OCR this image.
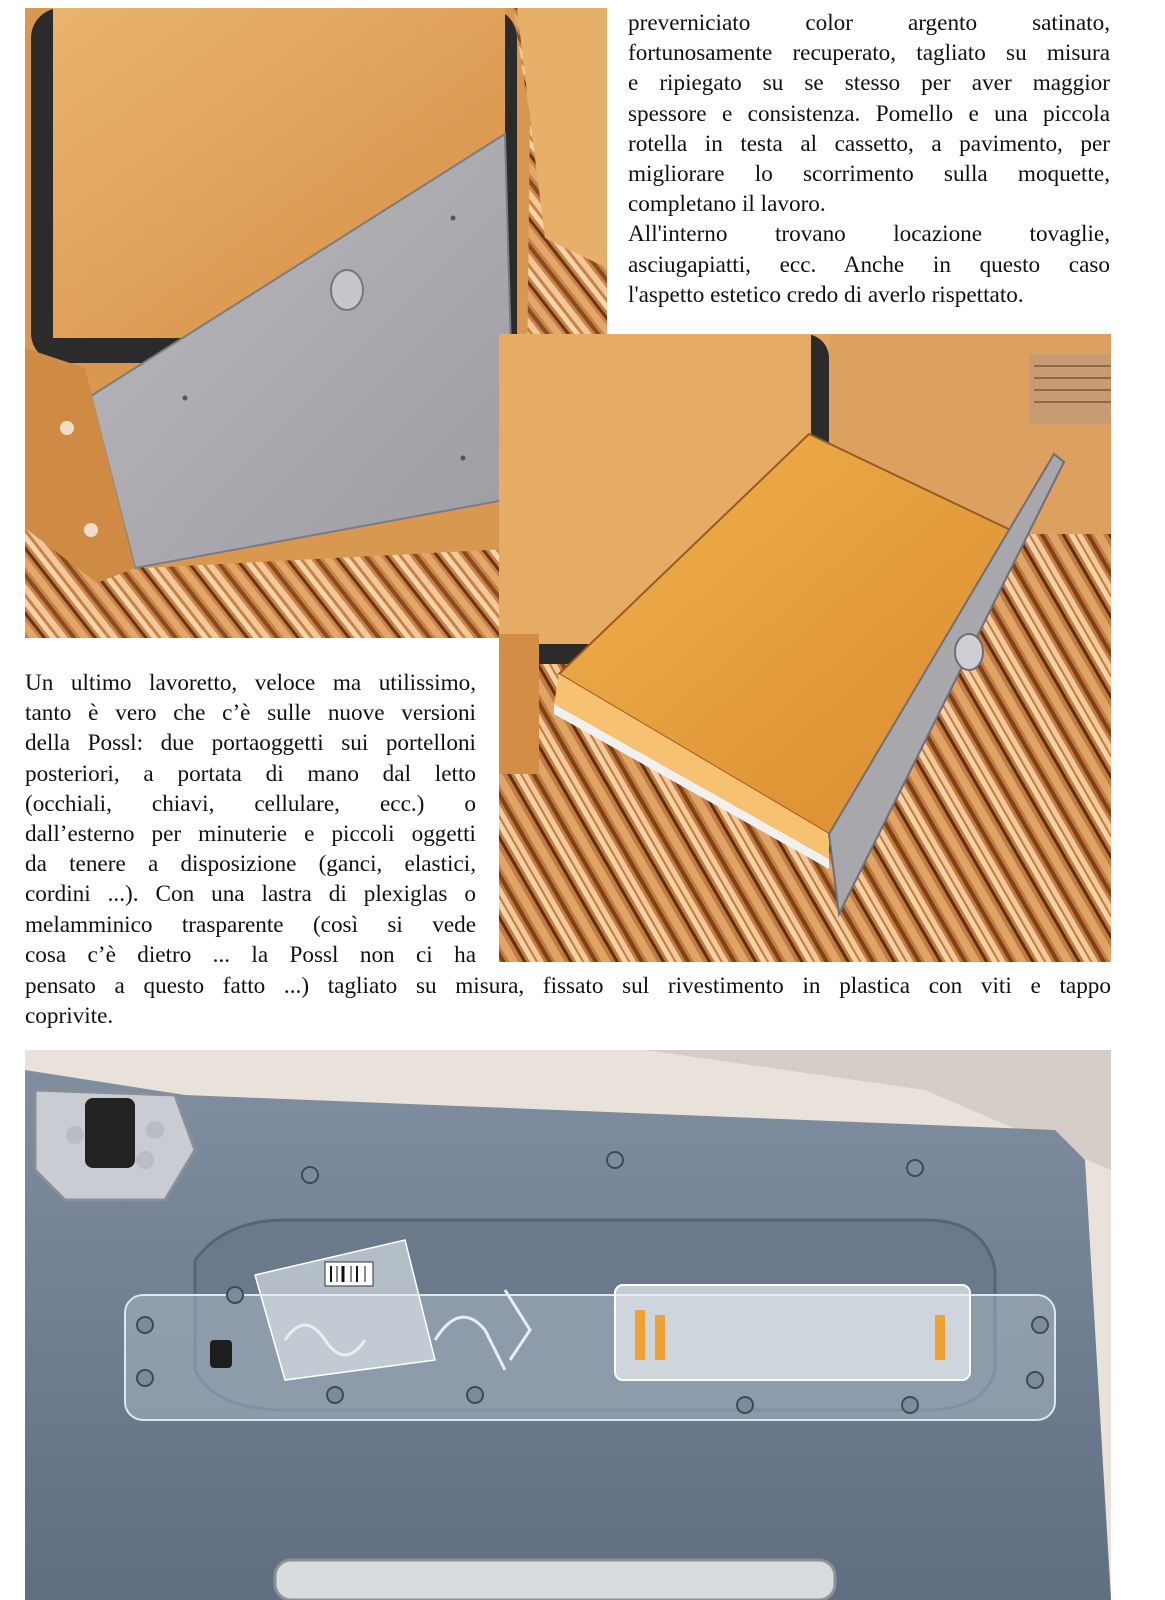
preverniciato color argento satinato,

fortunosamente recuperato, tagliato su misura

e ripiegato su se stesso per aver maggior

spessore e consistenza. Pomello e una piccola

rotella in testa al cassetto, a pavimento, per

migliorare lo scorrimento sulla moquette,

completano il lavoro.

All'interno trovano locazione tovaglie,

asciugapiatti, ecc. Anche in questo caso

l'aspetto estetico credo di averlo rispettato.

Un ultimo lavoretto, veloce ma utilissimo,

tanto è vero che c’è sulle nuove versioni

della Possl: due portaoggetti sui portelloni

posteriori, a portata di mano dal letto

(occhiali, chiavi, cellulare, ecc.) o

dall’esterno per minuterie e piccoli oggetti

da tenere a disposizione (ganci, elastici,

cordini ...). Con una lastra di plexiglas o

melamminico trasparente (così si vede

cosa c’è dietro ... la Possl non ci ha

pensato a questo fatto ...) tagliato su misura, fissato sul rivestimento in plastica con viti e tappo

coprivite.
